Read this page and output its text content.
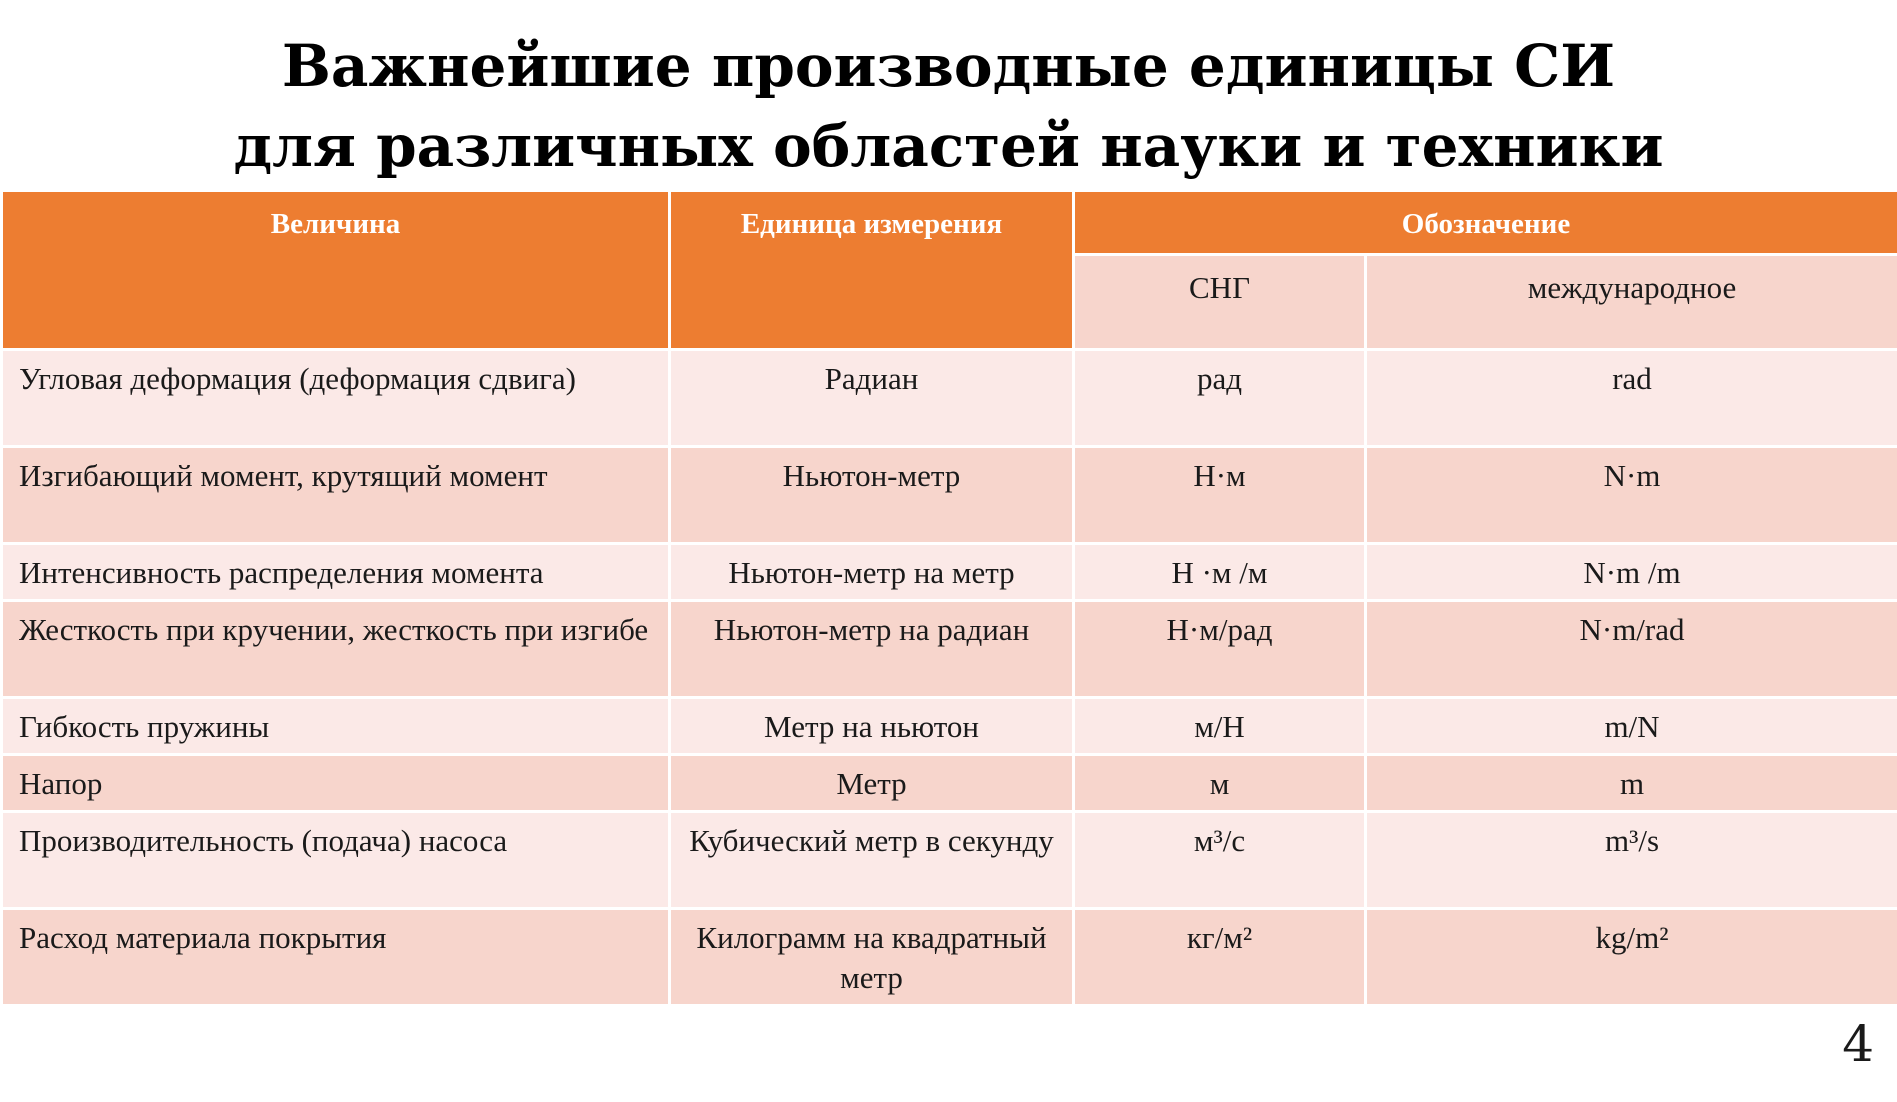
Важнейшие производные единицы СИ
для различных областей науки и техники
Величина	Единица измерения	Обозначение	
		СНГ	международное
Угловая деформация (деформация сдвига)	Радиан	рад	rad
Изгибающий момент, крутящий момент	Ньютон-метр	Н·м	N·m
Интенсивность распределения момента	Ньютон-метр на метр	Н ·м /м	N·m /m
Жесткость при кручении, жесткость при изгибе	Ньютон-метр на радиан	Н·м/рад	N·m/rad
Гибкость пружины	Метр на ньютон	м/Н	m/N
Напор	Метр	м	m
Производительность (подача) насоса	Кубический метр в секунду	м³/с	m³/s
Расход материала покрытия	Килограмм на квадратный метр	кг/м²	kg/m²
4
